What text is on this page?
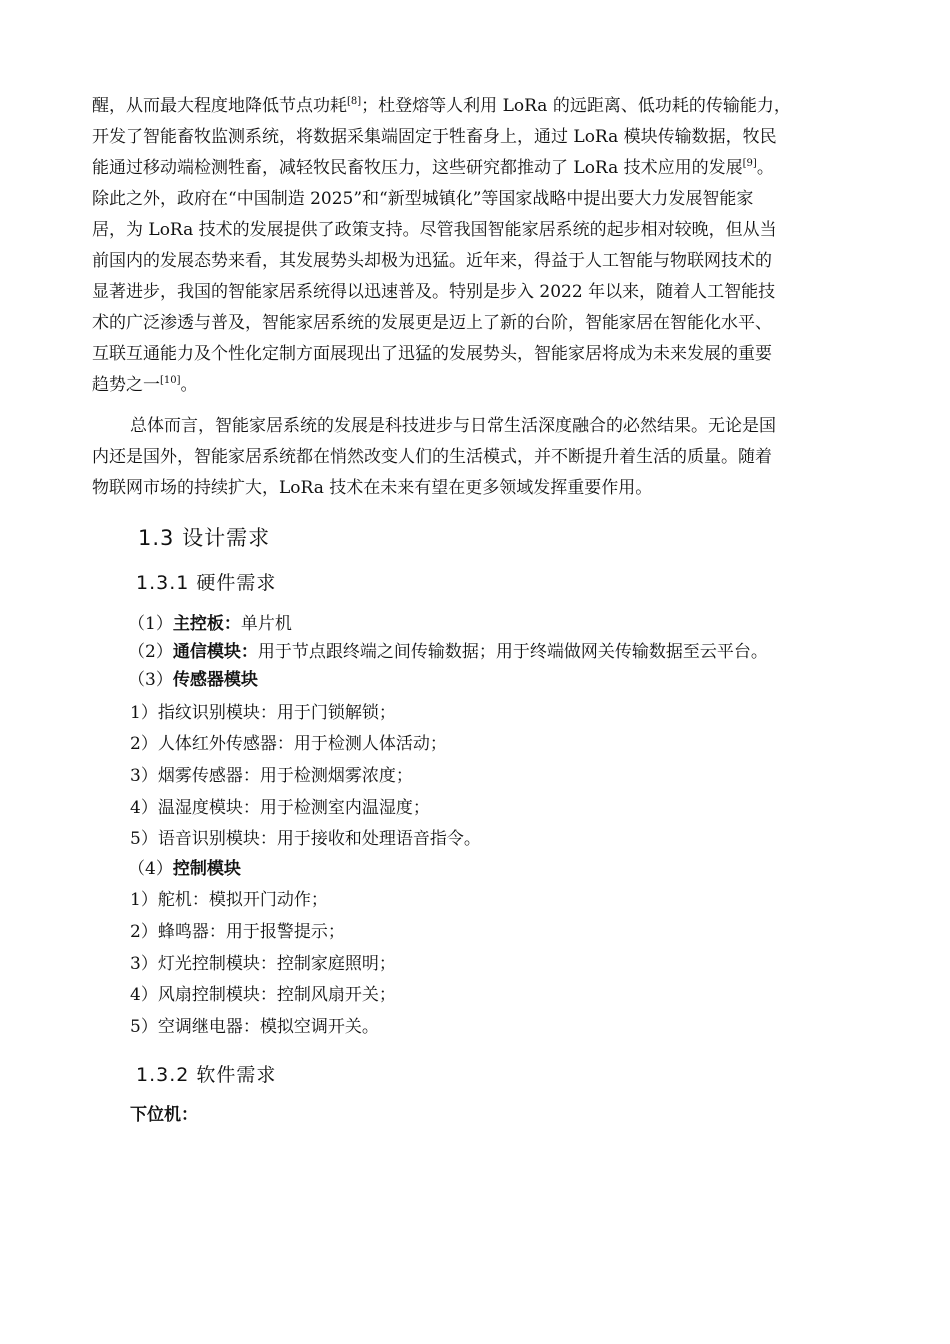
醒，从而最大程度地降低节点功耗[8]；杜登熔等人利用 LoRa 的远距离、低功耗的传输能力，
开发了智能畜牧监测系统，将数据采集端固定于牲畜身上，通过 LoRa 模块传输数据，牧民
能通过移动端检测牲畜，减轻牧民畜牧压力，这些研究都推动了 LoRa 技术应用的发展[9]。
除此之外，政府在“中国制造 2025”和“新型城镇化”等国家战略中提出要大力发展智能家
居，为 LoRa 技术的发展提供了政策支持。尽管我国智能家居系统的起步相对较晚，但从当
前国内的发展态势来看，其发展势头却极为迅猛。近年来，得益于人工智能与物联网技术的
显著进步，我国的智能家居系统得以迅速普及。特别是步入 2022 年以来，随着人工智能技
术的广泛渗透与普及，智能家居系统的发展更是迈上了新的台阶，智能家居在智能化水平、
互联互通能力及个性化定制方面展现出了迅猛的发展势头，智能家居将成为未来发展的重要
趋势之一[10]。
总体而言，智能家居系统的发展是科技进步与日常生活深度融合的必然结果。无论是国
内还是国外，智能家居系统都在悄然改变人们的生活模式，并不断提升着生活的质量。随着
物联网市场的持续扩大，LoRa 技术在未来有望在更多领域发挥重要作用。
1.3 设计需求
1.3.1 硬件需求

（1）主控板：单片机

（2）通信模块：用于节点跟终端之间传输数据；用于终端做网关传输数据至云平台。

（3）传感器模块

1）指纹识别模块：用于门锁解锁；

2）人体红外传感器：用于检测人体活动；

3）烟雾传感器：用于检测烟雾浓度；

4）温湿度模块：用于检测室内温湿度；

5）语音识别模块：用于接收和处理语音指令。

（4）控制模块

1）舵机：模拟开门动作；

2）蜂鸣器：用于报警提示；

3）灯光控制模块：控制家庭照明；

4）风扇控制模块：控制风扇开关；

5）空调继电器：模拟空调开关。

1.3.2 软件需求

下位机：
